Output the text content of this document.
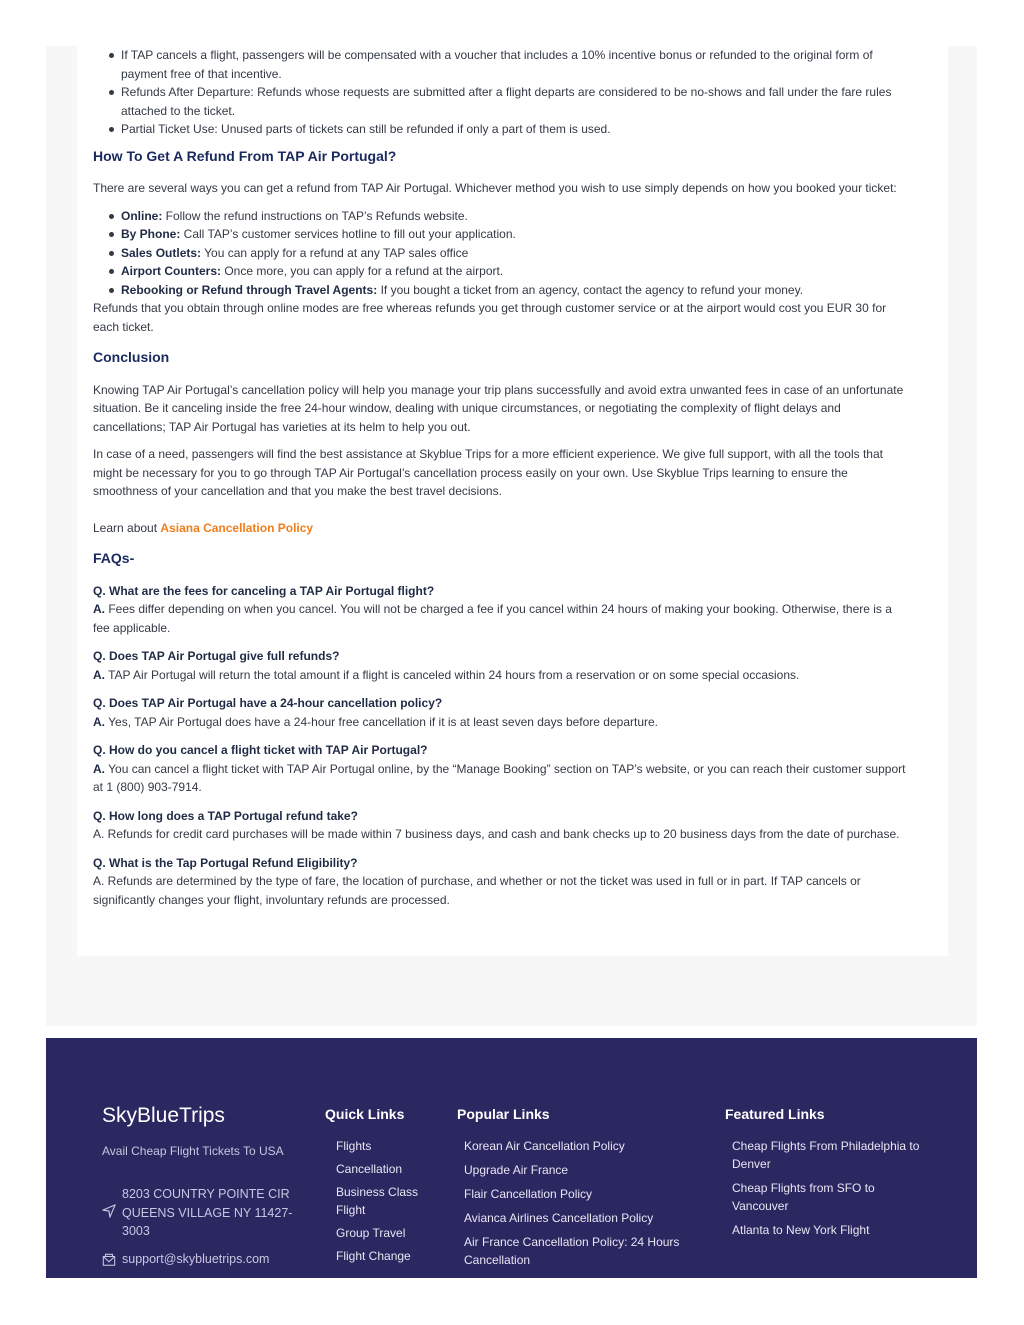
If TAP cancels a flight, passengers will be compensated with a voucher that includes a 10% incentive bonus or refunded to the original form of payment free of that incentive.
Refunds After Departure: Refunds whose requests are submitted after a flight departs are considered to be no-shows and fall under the fare rules attached to the ticket.
Partial Ticket Use: Unused parts of tickets can still be refunded if only a part of them is used.
How To Get A Refund From TAP Air Portugal?

There are several ways you can get a refund from TAP Air Portugal. Whichever method you wish to use simply depends on how you booked your ticket:

Online: Follow the refund instructions on TAP’s Refunds website.
By Phone: Call TAP’s customer services hotline to fill out your application.
Sales Outlets: You can apply for a refund at any TAP sales office
Airport Counters: Once more, you can apply for a refund at the airport.
Rebooking or Refund through Travel Agents: If you bought a ticket from an agency, contact the agency to refund your money.

Refunds that you obtain through online modes are free whereas refunds you get through customer service or at the airport would cost you EUR 30 for each ticket.

Conclusion

Knowing TAP Air Portugal’s cancellation policy will help you manage your trip plans successfully and avoid extra unwanted fees in case of an unfortunate situation. Be it canceling inside the free 24-hour window, dealing with unique circumstances, or negotiating the complexity of flight delays and cancellations; TAP Air Portugal has varieties at its helm to help you out.

In case of a need, passengers will find the best assistance at Skyblue Trips for a more efficient experience. We give full support, with all the tools that might be necessary for you to go through TAP Air Portugal’s cancellation process easily on your own. Use Skyblue Trips learning to ensure the smoothness of your cancellation and that you make the best travel decisions.

Learn about Asiana Cancellation Policy

FAQs-
Q. What are the fees for canceling a TAP Air Portugal flight?

A. Fees differ depending on when you cancel. You will not be charged a fee if you cancel within 24 hours of making your booking. Otherwise, there is a fee applicable.

Q. Does TAP Air Portugal give full refunds?

A. TAP Air Portugal will return the total amount if a flight is canceled within 24 hours from a reservation or on some special occasions.

Q. Does TAP Air Portugal have a 24-hour cancellation policy?

A. Yes, TAP Air Portugal does have a 24-hour free cancellation if it is at least seven days before departure.

Q. How do you cancel a flight ticket with TAP Air Portugal?

A. You can cancel a flight ticket with TAP Air Portugal online, by the “Manage Booking” section on TAP’s website, or you can reach their customer support at 1 (800) 903-7914.

Q. How long does a TAP Portugal refund take?

A. Refunds for credit card purchases will be made within 7 business days, and cash and bank checks up to 20 business days from the date of purchase.

Q. What is the Tap Portugal Refund Eligibility?

A. Refunds are determined by the type of fare, the location of purchase, and whether or not the ticket was used in full or in part. If TAP cancels or significantly changes your flight, involuntary refunds are processed.

SkyBlueTrips
Avail Cheap Flight Tickets To USA
8203 COUNTRY POINTE CIR QUEENS VILLAGE NY 11427-3003
support@skybluetrips.com
Quick Links
Flights
Cancellation
Business Class Flight
Group Travel
Flight Change
Popular Links
Korean Air Cancellation Policy
Upgrade Air France
Flair Cancellation Policy
Avianca Airlines Cancellation Policy
Air France Cancellation Policy: 24 Hours Cancellation
Featured Links
Cheap Flights From Philadelphia to Denver
Cheap Flights from SFO to Vancouver
Atlanta to New York Flight
